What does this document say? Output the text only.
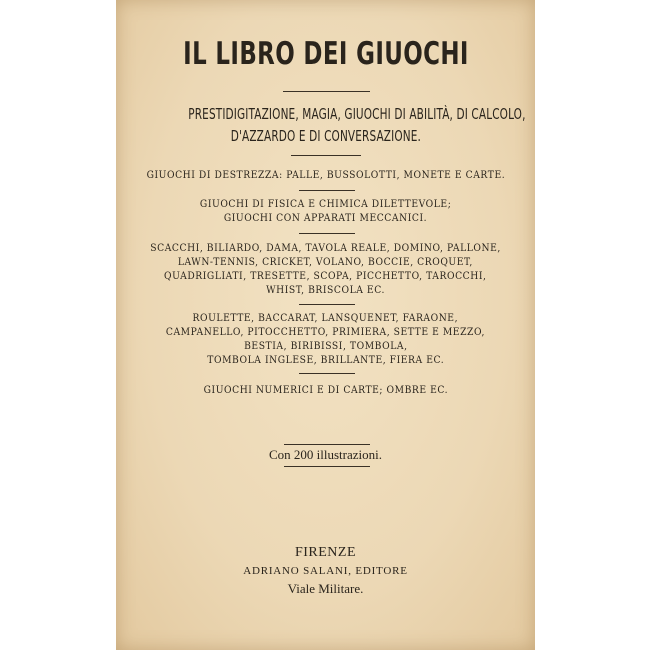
IL LIBRO DEI GIUOCHI

PRESTIDIGITAZIONE, MAGIA, GIUOCHI DI ABILITÀ, DI CALCOLO,

D'AZZARDO E DI CONVERSAZIONE.

GIUOCHI DI DESTREZZA: PALLE, BUSSOLOTTI, MONETE E CARTE.

GIUOCHI DI FISICA E CHIMICA DILETTEVOLE;

GIUOCHI CON APPARATI MECCANICI.

SCACCHI, BILIARDO, DAMA, TAVOLA REALE, DOMINO, PALLONE,

LAWN-TENNIS, CRICKET, VOLANO, BOCCIE, CROQUET,

QUADRIGLIATI, TRESETTE, SCOPA, PICCHETTO, TAROCCHI,

WHIST, BRISCOLA EC.

ROULETTE, BACCARAT, LANSQUENET, FARAONE,

CAMPANELLO, PITOCCHETTO, PRIMIERA, SETTE E MEZZO,

BESTIA, BIRIBISSI, TOMBOLA,

TOMBOLA INGLESE, BRILLANTE, FIERA EC.

GIUOCHI NUMERICI E DI CARTE; OMBRE EC.

Con 200 illustrazioni.

FIRENZE

ADRIANO SALANI, EDITORE

Viale Militare.
